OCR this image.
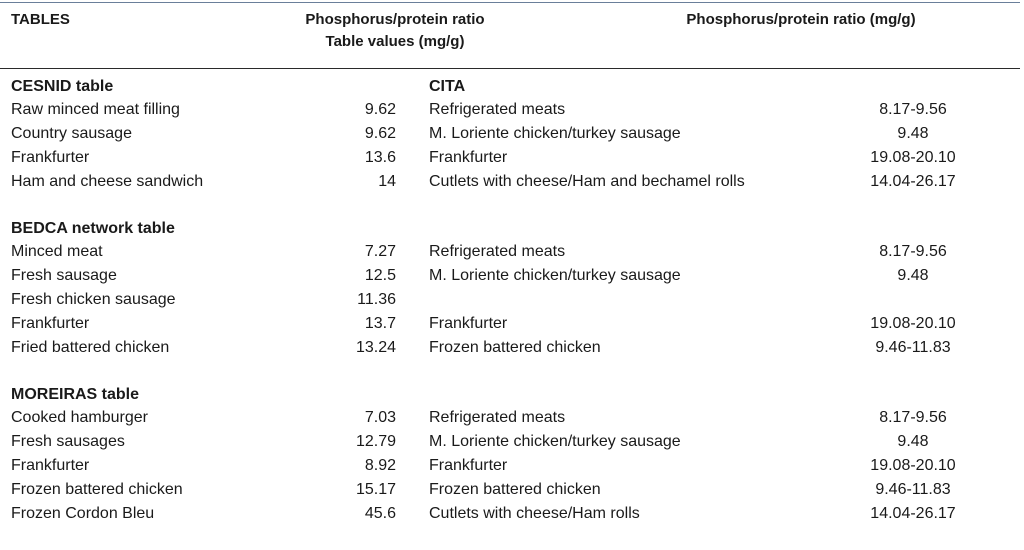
TABLES	Phosphorus/protein ratio
Table values (mg/g)
Phosphorus/protein ratio (mg/g)
CESNID table	CITA
Raw minced meat filling	9.62 Refrigerated meats	8.17-9.56
Country sausage	9.62 M. Loriente chicken/turkey sausage	9.48
Frankfurter	13.6 Frankfurter	19.08-20.10
Ham and cheese sandwich	14 Cutlets with cheese/Ham and bechamel rolls	14.04-26.17
BEDCA network table
Minced meat	7.27 Refrigerated meats	8.17-9.56
Fresh sausage	12.5 M. Loriente chicken/turkey sausage	9.48
Fresh chicken sausage	11.36
Frankfurter	13.7 Frankfurter	19.08-20.10
Fried battered chicken	13.24 Frozen battered chicken	9.46-11.83
MOREIRAS table
Cooked hamburger	7.03 Refrigerated meats	8.17-9.56
Fresh sausages	12.79 M. Loriente chicken/turkey sausage	9.48
Frankfurter	8.92 Frankfurter	19.08-20.10
Frozen battered chicken	15.17 Frozen battered chicken	9.46-11.83
Frozen Cordon Bleu	45.6 Cutlets with cheese/Ham rolls	14.04-26.17
